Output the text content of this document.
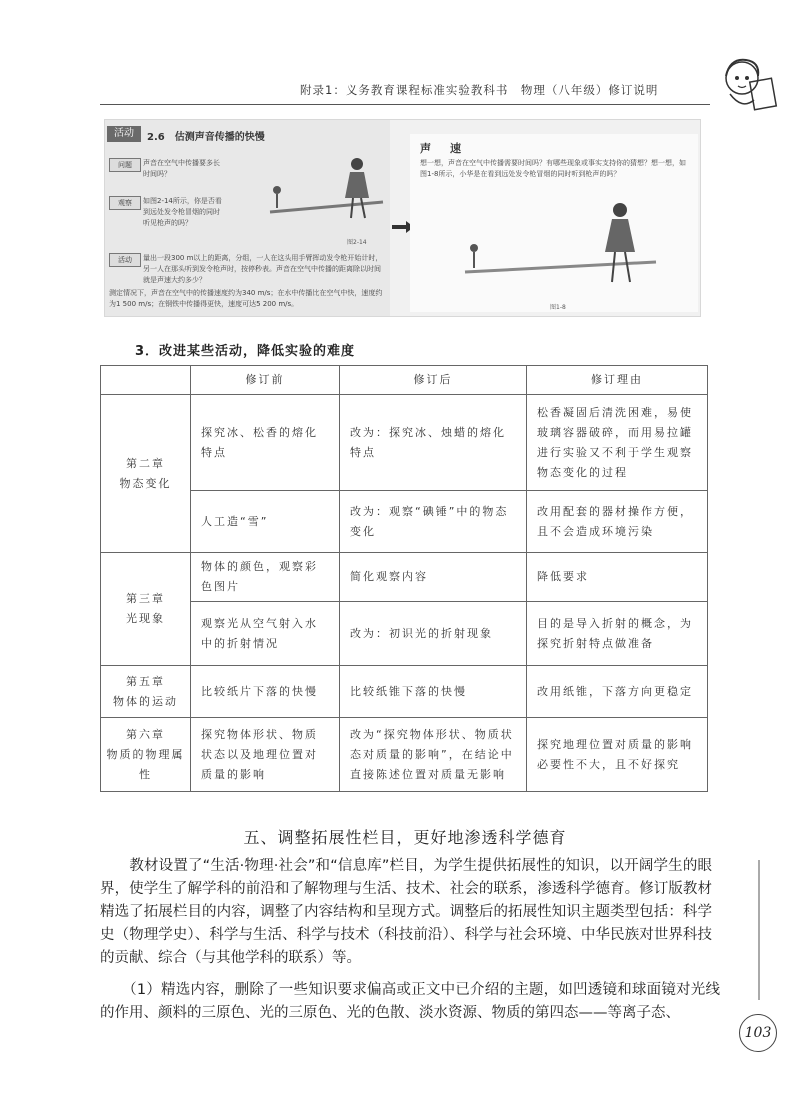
附录1：义务教育课程标准实验教科书　物理（八年级）修订说明
活动	2.6　估测声音传播的快慢
问题	声音在空气中传播要多长时间吗？
观察	如图2-14所示，你是否看到远处发令枪冒烟的同时听见枪声的吗？
图2-14
活动	量出一段300 m以上的距离，分组，一人在这头用手臂挥动发令枪开始计时，另一人在那头听到发令枪声时，按停秒表。声音在空气中传播的距离除以时间就是声速大约多少？
测定情况下，声音在空气中的传播速度约为340 m/s；在水中传播比在空气中快，速度约为1 500 m/s；在钢铁中传播得更快，速度可达5 200 m/s。
声　速
想一想，声音在空气中传播需要时间吗？有哪些现象或事实支持你的猜想？想一想，如图1-8所示，小华是在看到远处发令枪冒烟的同时听到枪声的吗？
图1-8
3．改进某些活动，降低实验的难度
	修订前	修订后	修订理由
第二章
物态变化	探究冰、松香的熔化特点	改为：探究冰、烛蜡的熔化特点	松香凝固后清洗困难，易使玻璃容器破碎，而用易拉罐进行实验又不利于学生观察物态变化的过程
	人工造“雪”	改为：观察“碘锤”中的物态变化	改用配套的器材操作方便，且不会造成环境污染
第三章
光现象	物体的颜色，观察彩色图片	简化观察内容	降低要求
	观察光从空气射入水中的折射情况	改为：初识光的折射现象	目的是导入折射的概念，为探究折射特点做准备
第五章
物体的运动	比较纸片下落的快慢	比较纸锥下落的快慢	改用纸锥，下落方向更稳定
第六章
物质的物理属性	探究物体形状、物质状态以及地理位置对质量的影响	改为“探究物体形状、物质状态对质量的影响”，在结论中直接陈述位置对质量无影响	探究地理位置对质量的影响必要性不大，且不好探究
五、调整拓展性栏目，更好地渗透科学德育
　　教材设置了“生活·物理·社会”和“信息库”栏目，为学生提供拓展性的知识，以开阔学生的眼界，使学生了解学科的前沿和了解物理与生活、技术、社会的联系，渗透科学德育。修订版教材精选了拓展栏目的内容，调整了内容结构和呈现方式。调整后的拓展性知识主题类型包括：科学史（物理学史）、科学与生活、科学与技术（科技前沿）、科学与社会环境、中华民族对世界科技的贡献、综合（与其他学科的联系）等。
　　（1）精选内容，删除了一些知识要求偏高或正文中已介绍的主题，如凹透镜和球面镜对光线的作用、颜料的三原色、光的三原色、光的色散、淡水资源、物质的第四态——等离子态、
103
